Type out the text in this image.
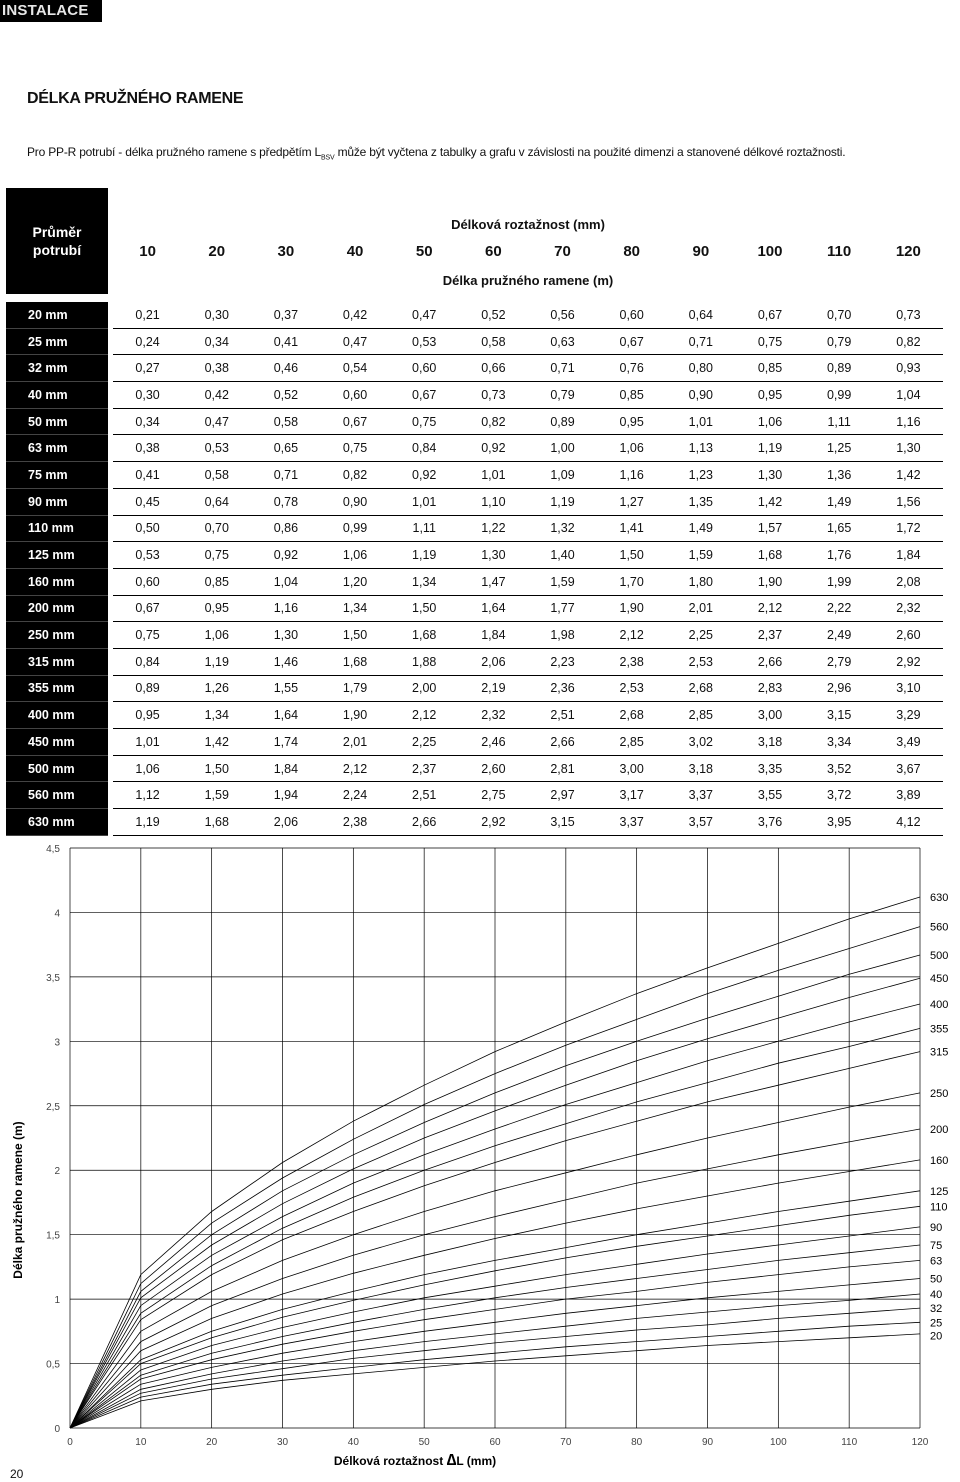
INSTALACE
DÉLKA PRUŽNÉHO RAMENE
Pro PP-R potrubí - délka pružného ramene s předpětím $L_{BSV}$ může být vyčtena z tabulky a grafu v závislosti na použité dimenzi a stanovené délkové roztažnosti.
Průměr
potrubí		Délková roztažnost (mm)											
		10	20	30	40	50	60	70	80	90	100	110	120
		Délka pružného ramene (m)											

20 mm		0,21	0,30	0,37	0,42	0,47	0,52	0,56	0,60	0,64	0,67	0,70	0,73
25 mm		0,24	0,34	0,41	0,47	0,53	0,58	0,63	0,67	0,71	0,75	0,79	0,82
32 mm		0,27	0,38	0,46	0,54	0,60	0,66	0,71	0,76	0,80	0,85	0,89	0,93
40 mm		0,30	0,42	0,52	0,60	0,67	0,73	0,79	0,85	0,90	0,95	0,99	1,04
50 mm		0,34	0,47	0,58	0,67	0,75	0,82	0,89	0,95	1,01	1,06	1,11	1,16
63 mm		0,38	0,53	0,65	0,75	0,84	0,92	1,00	1,06	1,13	1,19	1,25	1,30
75 mm		0,41	0,58	0,71	0,82	0,92	1,01	1,09	1,16	1,23	1,30	1,36	1,42
90 mm		0,45	0,64	0,78	0,90	1,01	1,10	1,19	1,27	1,35	1,42	1,49	1,56
110 mm		0,50	0,70	0,86	0,99	1,11	1,22	1,32	1,41	1,49	1,57	1,65	1,72
125 mm		0,53	0,75	0,92	1,06	1,19	1,30	1,40	1,50	1,59	1,68	1,76	1,84
160 mm		0,60	0,85	1,04	1,20	1,34	1,47	1,59	1,70	1,80	1,90	1,99	2,08
200 mm		0,67	0,95	1,16	1,34	1,50	1,64	1,77	1,90	2,01	2,12	2,22	2,32
250 mm		0,75	1,06	1,30	1,50	1,68	1,84	1,98	2,12	2,25	2,37	2,49	2,60
315 mm		0,84	1,19	1,46	1,68	1,88	2,06	2,23	2,38	2,53	2,66	2,79	2,92
355 mm		0,89	1,26	1,55	1,79	2,00	2,19	2,36	2,53	2,68	2,83	2,96	3,10
400 mm		0,95	1,34	1,64	1,90	2,12	2,32	2,51	2,68	2,85	3,00	3,15	3,29
450 mm		1,01	1,42	1,74	2,01	2,25	2,46	2,66	2,85	3,02	3,18	3,34	3,49
500 mm		1,06	1,50	1,84	2,12	2,37	2,60	2,81	3,00	3,18	3,35	3,52	3,67
560 mm		1,12	1,59	1,94	2,24	2,51	2,75	2,97	3,17	3,37	3,55	3,72	3,89
630 mm		1,19	1,68	2,06	2,38	2,66	2,92	3,15	3,37	3,57	3,76	3,95	4,12
0	10	20	30	40	50	60	70	80	90	100	110	120
0
0,5
1
1,5
2
2,5
3
3,5
4
4,5
630
560
500
450
400
355
315
250
200
160
125
110
90
75
63
50
40
32
25
20
Délková roztažnost ∆L (mm)
Délka pružného ramene (m)
20
